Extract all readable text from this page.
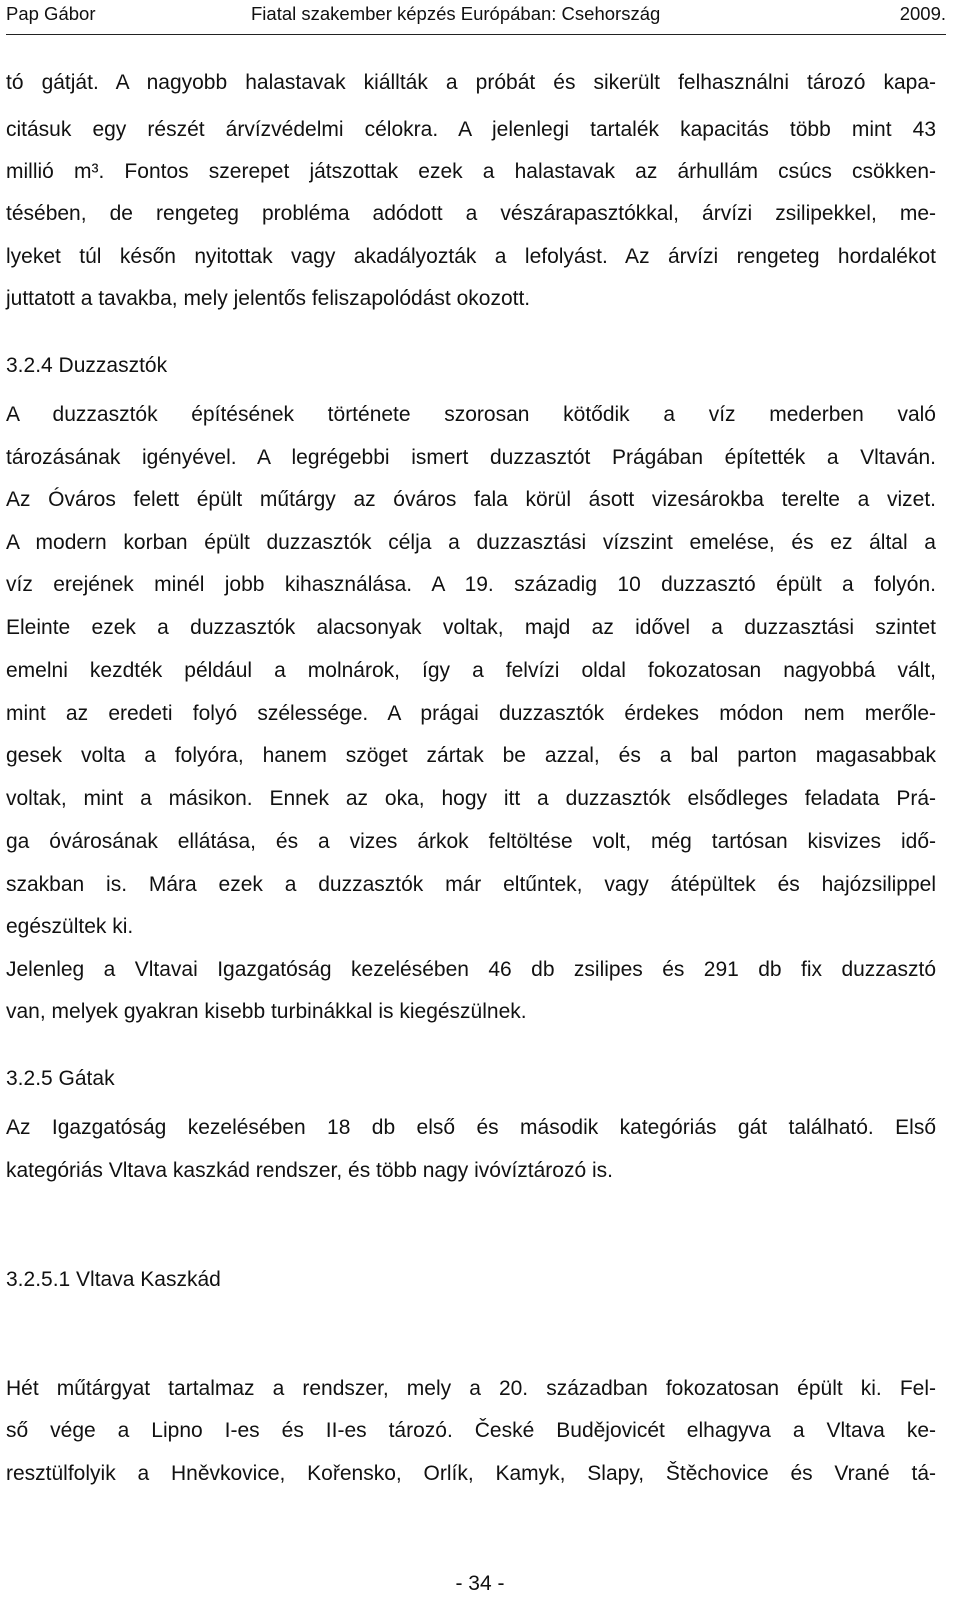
Pap Gábor	Fiatal szakember képzés Európában: Csehország	2009.
tó gátját. A nagyobb halastavak kiállták a próbát és sikerült felhasználni tározó kapa-
citásuk egy részét árvízvédelmi célokra. A jelenlegi tartalék kapacitás több mint 43
millió m³. Fontos szerepet játszottak ezek a halastavak az árhullám csúcs csökken-
tésében, de rengeteg probléma adódott a vészárapasztókkal, árvízi zsilipekkel, me-
lyeket túl későn nyitottak vagy akadályozták a lefolyást. Az árvízi rengeteg hordalékot
juttatott a tavakba, mely jelentős feliszapolódást okozott.
3.2.4 Duzzasztók
A duzzasztók építésének története szorosan kötődik a víz mederben való
tározásának igényével. A legrégebbi ismert duzzasztót Prágában építették a Vltaván.
Az Óváros felett épült műtárgy az óváros fala körül ásott vizesárokba terelte a vizet.
A modern korban épült duzzasztók célja a duzzasztási vízszint emelése, és ez által a
víz erejének minél jobb kihasználása. A 19. századig 10 duzzasztó épült a folyón.
Eleinte ezek a duzzasztók alacsonyak voltak, majd az idővel a duzzasztási szintet
emelni kezdték például a molnárok, így a felvízi oldal fokozatosan nagyobbá vált,
mint az eredeti folyó szélessége. A prágai duzzasztók érdekes módon nem merőle-
gesek volta a folyóra, hanem szöget zártak be azzal, és a bal parton magasabbak
voltak, mint a másikon. Ennek az oka, hogy itt a duzzasztók elsődleges feladata Prá-
ga óvárosának ellátása, és a vizes árkok feltöltése volt, még tartósan kisvizes idő-
szakban is. Mára ezek a duzzasztók már eltűntek, vagy átépültek és hajózsilippel
egészültek ki.
Jelenleg a Vltavai Igazgatóság kezelésében 46 db zsilipes és 291 db fix duzzasztó
van, melyek gyakran kisebb turbinákkal is kiegészülnek.
3.2.5 Gátak
Az Igazgatóság kezelésében 18 db első és második kategóriás gát található. Első
kategóriás Vltava kaszkád rendszer, és több nagy ivóvíztározó is.
3.2.5.1 Vltava Kaszkád
Hét műtárgyat tartalmaz a rendszer, mely a 20. században fokozatosan épült ki. Fel-
ső vége a Lipno I-es és II-es tározó. České Budějovicét elhagyva a Vltava ke-
resztülfolyik a Hněvkovice, Kořensko, Orlík, Kamyk, Slapy, Štěchovice és Vrané tá-
- 34 -
